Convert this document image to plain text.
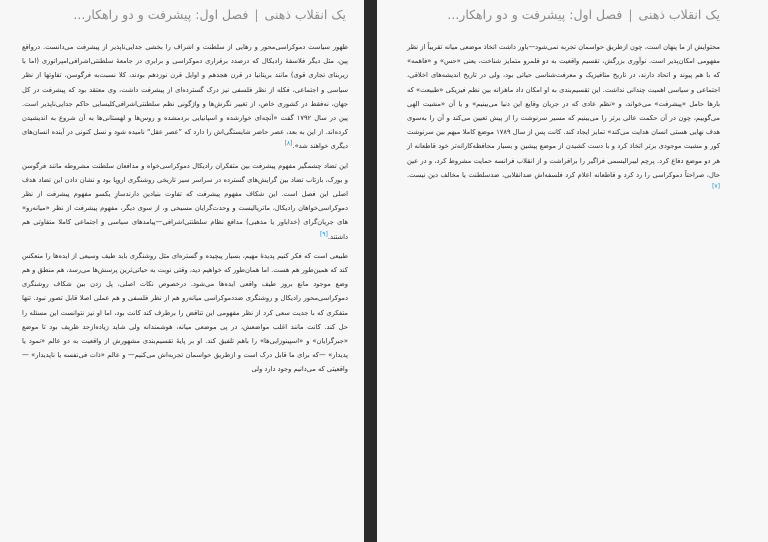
یک انقلاب ذهنی|فصل اول: پیشرفت و دو راهکار...

ظهور سیاست دموکراسی‌محور و رهایی از سلطنت و اشراف را بخشی جدایی‌ناپذیر از پیشرفت می‌دانست. درواقع پین، مثل دیگر فلاسفهٔ رادیکال که درصدد برقراری دموکراسی و برابری در جامعهٔ سلطنتی‌اشرافی‌امپراتوری (اما با زیربنای تجاری قوی) مانند بریتانیا در قرن هجدهم و اوایل قرن نوزدهم بودند، کلا نسبت‌به فرگوسن، تفاوتها از نظر سیاسی و اجتماعی، فکله از نظر فلسفی نیز درک گسترده‌ای از پیشرفت داشت، وی معتقد بود که پیشرفت در کل جهان، نه‌فقط در کشوری خاص، از تغییر نگرش‌ها و واژگونی نظم سلطنتی‌اشرافی‌کلیسایی حاکم جدایی‌ناپذیر است. پین در سال ۱۷۹۲ گفت «آنچه‌ای خوارشده و اسپانیایی بردمشده و روس‌ها و لهستانی‌ها به آن شروع به اندیشیدن کرده‌اند. از این به بعد، عصر حاضر شایستگی‌اش را دارد که ”عصر عقل“ نامیده شود و نسل کنونی در آینده انسان‌های دیگری خواهند شد».[۸]

این تضاد چشمگیر مفهوم پیشرفت بین متفکران رادیکال دموکراسی‌خواه و مدافعان سلطنت مشروطه مانند فرگوسن و بورک، بازتاب تضاد بین گرایش‌های گسترده در سراسر سیر تاریخی روشنگری اروپا بود و نشان دادن این تضاد هدف اصلی این فصل است. این شکاف مفهوم پیشرفت که تفاوت بنیادین دارندسازِ یکسو مفهوم پیشرفت از نظر دموکراسی‌خواهان رادیکال، ماتریالیست و وحدت‌گرایان مسیحی و، از سوی دیگر، مفهوم پیشرفت از نظر «میانه‌رو» های جریان‌گرای (خداباور یا مذهبی) مدافع نظام سلطنتی‌اشرافی—پیامدهای سیاسی و اجتماعی کاملا متفاوتی هم داشتند.[۹]

طبیعی است که فکر کنیم پدیدهٔ مهیم، بسیار پیچیده و گستره‌ای مثل روشنگری باید طیف وسیعی از ایده‌ها را منعکس کند که همین‌طور هم هست. اما همان‌طور که خواهیم دید، وقتی نوبت به حیاتی‌ترین پرسش‌ها می‌رسد، هم منطق و هم وضع موجود مانع بروز طیف واقعی ایده‌ها می‌شود. درخصوص نکات اصلی، پل زدن بین شکاف روشنگری دموکراسی‌محور رادیکال و روشنگری ضددموکراسی میانه‌رو هم از نظر فلسفی و هم عملی اصلا قابل تصور نبود. تنها متفکری که با جدیت سعی کرد از نظر مفهومی این تناقض را برطرف کند کانت بود، اما او نیز نتوانست این مسئله را حل کند. کانت مانند اغلب مواضعش، در پی موضعی میانه، هوشمندانه ولی شاید زیاده‌ازحد ظریف بود تا موضع «جبرگرایان» و «اسپینوزایی‌ها» را باهم تلفیق کند. او بر پایهٔ تقسیم‌بندی مشهورش از واقعیت به دو عالم «نمود یا پدیدار» —که برای ما قابل درک است و ازطریق حواسمان تجربه‌اش می‌کنیم— و عالم «ذات فی‌نفسه یا ناپدیدار» —واقعیتی که می‌دانیم وجود دارد ولی

یک انقلاب ذهنی|فصل اول: پیشرفت و دو راهکار...

محتوایش از ما پنهان است، چون ازطریق حواسمان تجربه‌ نمی‌شود—باور داشت اتخاذ موضعی میانه تقریباً از نظر مفهومی امکان‌پذیر است. نوآوری بزرگش، تقسیم واقعیت به دو قلمرو متمایز شناخت، یعنی «حس» و «فاهمه» که با هم پیوند و اتحاد دارند، در تاریخ متافیزیک و معرفت‌شناسی حیاتی بود، ولی در تاریخ اندیشه‌های اخلاقی، اجتماعی و سیاسی اهمیت چندانی نداشت. این تقسیم‌بندی به او امکان داد ماهرانه بین نظم فیزیکی «طبیعت» که بارها حامل «پیشرفت» می‌خواند، و «نظم عادی که در جریان وقایع این دنیا می‌بینیم» و یا آن «مشیت الهی می‌گوییم، چون در آن حکمت عالی برتر را می‌بینیم که مسیر سرنوشت را از پیش تعیین می‌کند و آن را به‌سوی هدف نهایی هستی انسان هدایت می‌کند» تمایز ایجاد کند. کانت پس از سال ۱۷۸۹ موضع کاملا مبهم بین سرنوشت کور و مشیت موجودی برتر اتخاذ کرد و با دست کشیدن از موضع پیشین و بسیار محافظه‌کارانه‌تر خود قاطعانه از هر دو موضع دفاع کرد. پرچم لیبرالیسمی فراگیر را برافراشت و از انقلاب فرانسه حمایت مشروط کرد، و در عین حال، صراحتاً دموکراسی را رد کرد و قاطعانه اعلام کرد فلسفه‌اش ضدانقلابی، ضدسلطنت یا مخالف دین نیست.[۷]
